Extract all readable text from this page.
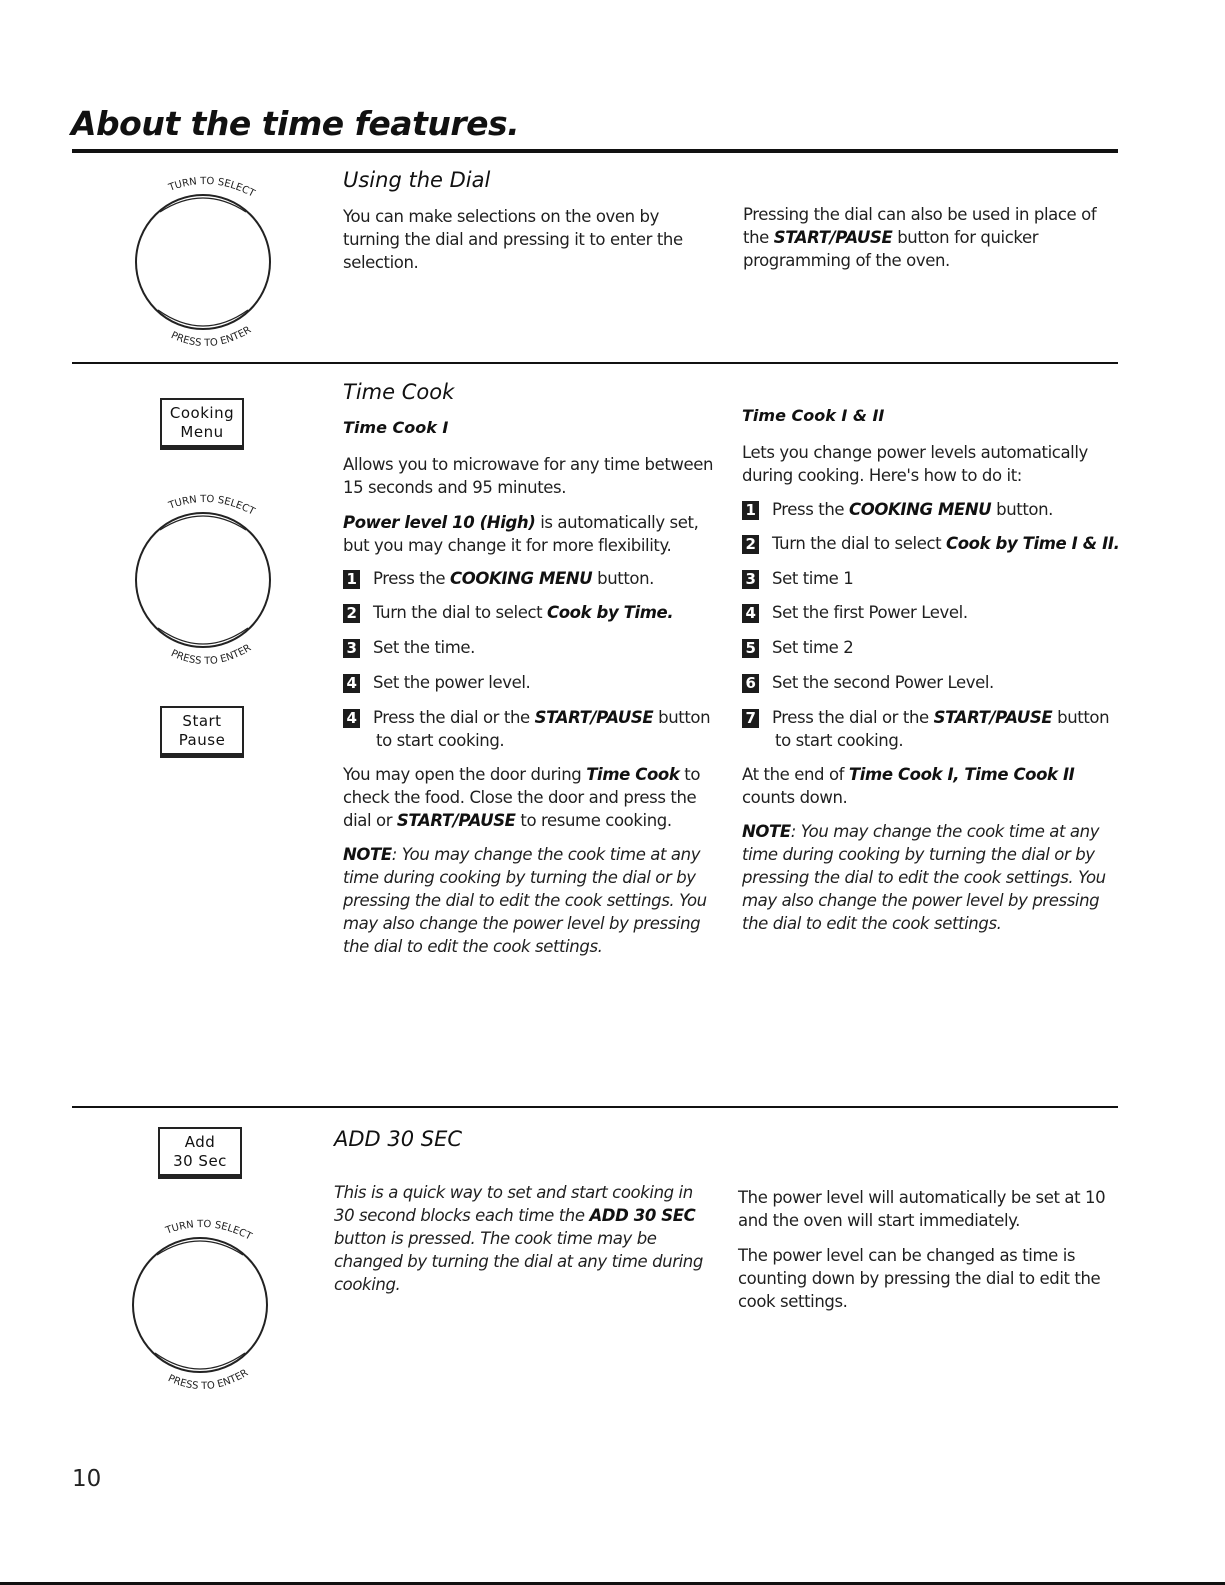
About the time features.
TURN TO SELECT
PRESS TO ENTER
Using the Dial

You can make selections on the oven by turning the dial and pressing it to enter the selection.

Pressing the dial can also be used in place of the START/PAUSE button for quicker programming of the oven.

Cooking
Menu
TURN TO SELECT
PRESS TO ENTER
Start
Pause
Time Cook
Time Cook I

Allows you to microwave for any time between 15 seconds and 95 minutes.

Power level 10 (High) is automatically set, but you may change it for more flexibility.

1 Press the COOKING MENU button.
2 Turn the dial to select Cook by Time.
3 Set the time.
4 Set the power level.
4 Press the dial or the START/PAUSE button
to start cooking.

You may open the door during Time Cook to check the food. Close the door and press the dial or START/PAUSE to resume cooking.

NOTE: You may change the cook time at any time during cooking by turning the dial or by pressing the dial to edit the cook settings. You may also change the power level by pressing the dial to edit the cook settings.

Time Cook I & II

Lets you change power levels automatically during cooking. Here's how to do it:

1 Press the COOKING MENU button.
2 Turn the dial to select Cook by Time I & II.
3 Set time 1
4 Set the first Power Level.
5 Set time 2
6 Set the second Power Level.
7 Press the dial or the START/PAUSE button
to start cooking.

At the end of Time Cook I, Time Cook II counts down.

NOTE: You may change the cook time at any time during cooking by turning the dial or by pressing the dial to edit the cook settings. You may also change the power level by pressing the dial to edit the cook settings.

Add
30 Sec
TURN TO SELECT
PRESS TO ENTER
ADD 30 SEC

This is a quick way to set and start cooking in 30 second blocks each time the ADD 30 SEC button is pressed. The cook time may be changed by turning the dial at any time during cooking.

The power level will automatically be set at 10 and the oven will start immediately.

The power level can be changed as time is counting down by pressing the dial to edit the cook settings.

10
